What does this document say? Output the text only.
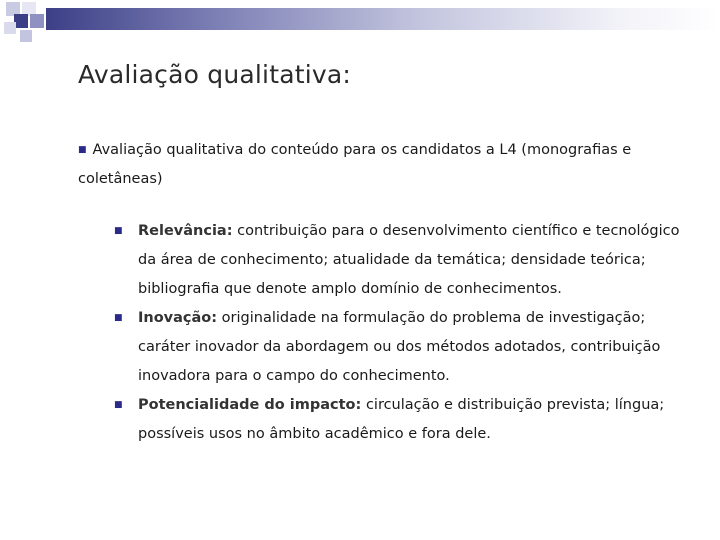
Avaliação qualitativa:
■ Avaliação qualitativa do conteúdo para os candidatos a L4 (monografias e coletâneas)
■ Relevância: contribuição para o desenvolvimento científico e tecnológico da área de conhecimento; atualidade da temática; densidade teórica; bibliografia que denote amplo domínio de conhecimentos.
■ Inovação: originalidade na formulação do problema de investigação; caráter inovador da abordagem ou dos métodos adotados, contribuição inovadora para o campo do conhecimento.
■ Potencialidade do impacto: circulação e distribuição prevista; língua; possíveis usos no âmbito acadêmico e fora dele.
